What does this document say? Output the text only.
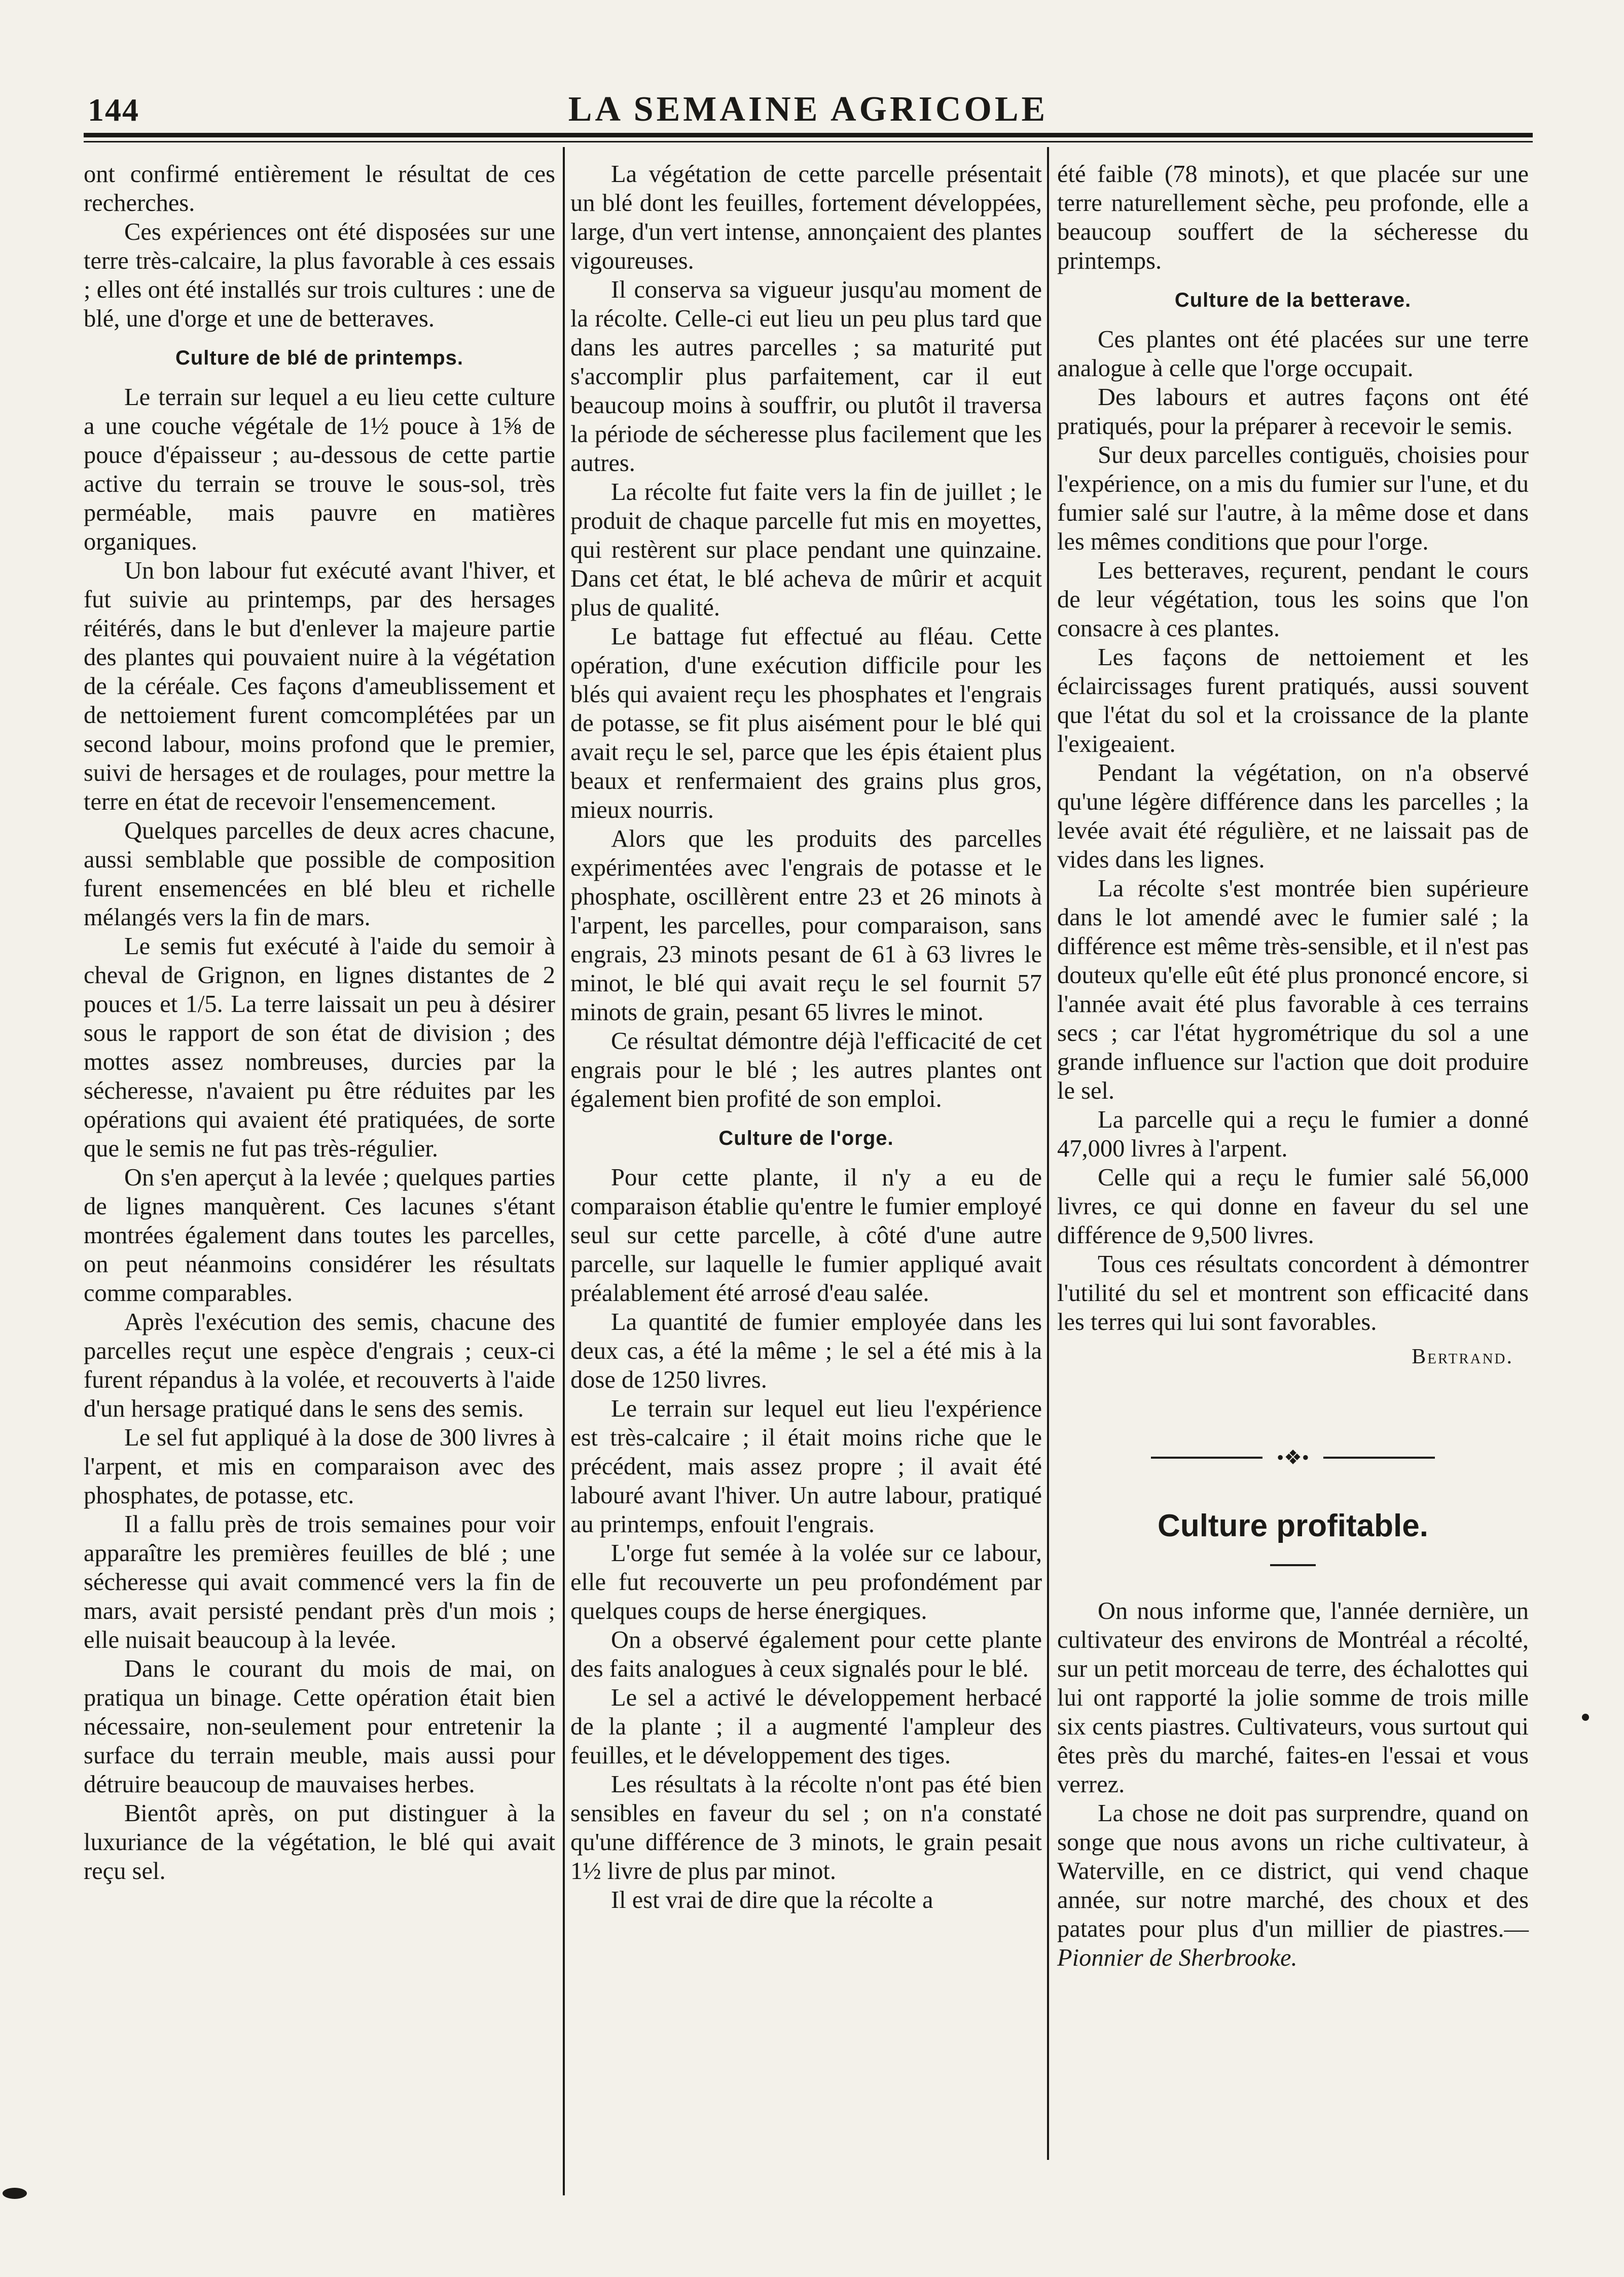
144	LA SEMAINE AGRICOLE

ont confirmé entièrement le résultat de ces recherches.

Ces expériences ont été disposées sur une terre très-calcaire, la plus favorable à ces essais ; elles ont été installés sur trois cultures : une de blé, une d'orge et une de betteraves.

Culture de blé de printemps.

Le terrain sur lequel a eu lieu cette culture a une couche végétale de 1½ pouce à 1⅝ de pouce d'épaisseur ; au-dessous de cette partie active du terrain se trouve le sous-sol, très perméable, mais pauvre en matières organiques.

Un bon labour fut exécuté avant l'hiver, et fut suivie au printemps, par des hersages réitérés, dans le but d'enlever la majeure partie des plantes qui pouvaient nuire à la végétation de la céréale. Ces façons d'ameublissement et de nettoiement furent comcomplétées par un second labour, moins profond que le premier, suivi de hersages et de roulages, pour mettre la terre en état de recevoir l'ensemencement.

Quelques parcelles de deux acres chacune, aussi semblable que possible de composition furent ensemencées en blé bleu et richelle mélangés vers la fin de mars.

Le semis fut exécuté à l'aide du semoir à cheval de Grignon, en lignes distantes de 2 pouces et 1/5. La terre laissait un peu à désirer sous le rapport de son état de division ; des mottes assez nombreuses, durcies par la sécheresse, n'avaient pu être réduites par les opérations qui avaient été pratiquées, de sorte que le semis ne fut pas très-régulier.

On s'en aperçut à la levée ; quelques parties de lignes manquèrent. Ces lacunes s'étant montrées également dans toutes les parcelles, on peut néanmoins considérer les résultats comme comparables.

Après l'exécution des semis, chacune des parcelles reçut une espèce d'engrais ; ceux-ci furent répandus à la volée, et recouverts à l'aide d'un hersage pratiqué dans le sens des semis.

Le sel fut appliqué à la dose de 300 livres à l'arpent, et mis en comparaison avec des phosphates, de potasse, etc.

Il a fallu près de trois semaines pour voir apparaître les premières feuilles de blé ; une sécheresse qui avait commencé vers la fin de mars, avait persisté pendant près d'un mois ; elle nuisait beaucoup à la levée.

Dans le courant du mois de mai, on pratiqua un binage. Cette opération était bien nécessaire, non-seulement pour entretenir la surface du terrain meuble, mais aussi pour détruire beaucoup de mauvaises herbes.

Bientôt après, on put distinguer à la luxuriance de la végétation, le blé qui avait reçu sel.

La végétation de cette parcelle présentait un blé dont les feuilles, fortement développées, large, d'un vert intense, annonçaient des plantes vigoureuses.

Il conserva sa vigueur jusqu'au moment de la récolte. Celle-ci eut lieu un peu plus tard que dans les autres parcelles ; sa maturité put s'accomplir plus parfaitement, car il eut beaucoup moins à souffrir, ou plutôt il traversa la période de sécheresse plus facilement que les autres.

La récolte fut faite vers la fin de juillet ; le produit de chaque parcelle fut mis en moyettes, qui restèrent sur place pendant une quinzaine. Dans cet état, le blé acheva de mûrir et acquit plus de qualité.

Le battage fut effectué au fléau. Cette opération, d'une exécution difficile pour les blés qui avaient reçu les phosphates et l'engrais de potasse, se fit plus aisément pour le blé qui avait reçu le sel, parce que les épis étaient plus beaux et renfermaient des grains plus gros, mieux nourris.

Alors que les produits des parcelles expérimentées avec l'engrais de potasse et le phosphate, oscillèrent entre 23 et 26 minots à l'arpent, les parcelles, pour comparaison, sans engrais, 23 minots pesant de 61 à 63 livres le minot, le blé qui avait reçu le sel fournit 57 minots de grain, pesant 65 livres le minot.

Ce résultat démontre déjà l'efficacité de cet engrais pour le blé ; les autres plantes ont également bien profité de son emploi.

Culture de l'orge.

Pour cette plante, il n'y a eu de comparaison établie qu'entre le fumier employé seul sur cette parcelle, à côté d'une autre parcelle, sur laquelle le fumier appliqué avait préalablement été arrosé d'eau salée.

La quantité de fumier employée dans les deux cas, a été la même ; le sel a été mis à la dose de 1250 livres.

Le terrain sur lequel eut lieu l'expérience est très-calcaire ; il était moins riche que le précédent, mais assez propre ; il avait été labouré avant l'hiver. Un autre labour, pratiqué au printemps, enfouit l'engrais.

L'orge fut semée à la volée sur ce labour, elle fut recouverte un peu profondément par quelques coups de herse énergiques.

On a observé également pour cette plante des faits analogues à ceux signalés pour le blé.

Le sel a activé le développement herbacé de la plante ; il a augmenté l'ampleur des feuilles, et le développement des tiges.

Les résultats à la récolte n'ont pas été bien sensibles en faveur du sel ; on n'a constaté qu'une différence de 3 minots, le grain pesait 1½ livre de plus par minot.

Il est vrai de dire que la récolte a

été faible (78 minots), et que placée sur une terre naturellement sèche, peu profonde, elle a beaucoup souffert de la sécheresse du printemps.

Culture de la betterave.

Ces plantes ont été placées sur une terre analogue à celle que l'orge occupait.

Des labours et autres façons ont été pratiqués, pour la préparer à recevoir le semis.

Sur deux parcelles contiguës, choisies pour l'expérience, on a mis du fumier sur l'une, et du fumier salé sur l'autre, à la même dose et dans les mêmes conditions que pour l'orge.

Les betteraves, reçurent, pendant le cours de leur végétation, tous les soins que l'on consacre à ces plantes.

Les façons de nettoiement et les éclaircissages furent pratiqués, aussi souvent que l'état du sol et la croissance de la plante l'exigeaient.

Pendant la végétation, on n'a observé qu'une légère différence dans les parcelles ; la levée avait été régulière, et ne laissait pas de vides dans les lignes.

La récolte s'est montrée bien supérieure dans le lot amendé avec le fumier salé ; la différence est même très-sensible, et il n'est pas douteux qu'elle eût été plus prononcé encore, si l'année avait été plus favorable à ces terrains secs ; car l'état hygrométrique du sol a une grande influence sur l'action que doit produire le sel.

La parcelle qui a reçu le fumier a donné 47,000 livres à l'arpent.

Celle qui a reçu le fumier salé 56,000 livres, ce qui donne en faveur du sel une différence de 9,500 livres.

Tous ces résultats concordent à démontrer l'utilité du sel et montrent son efficacité dans les terres qui lui sont favorables.

Bertrand.
•❖•
Culture profitable.

On nous informe que, l'année dernière, un cultivateur des environs de Montréal a récolté, sur un petit morceau de terre, des échalottes qui lui ont rapporté la jolie somme de trois mille six cents piastres. Cultivateurs, vous surtout qui êtes près du marché, faites-en l'essai et vous verrez.

La chose ne doit pas surprendre, quand on songe que nous avons un riche cultivateur, à Waterville, en ce district, qui vend chaque année, sur notre marché, des choux et des patates pour plus d'un millier de piastres.—Pionnier de Sherbrooke.
